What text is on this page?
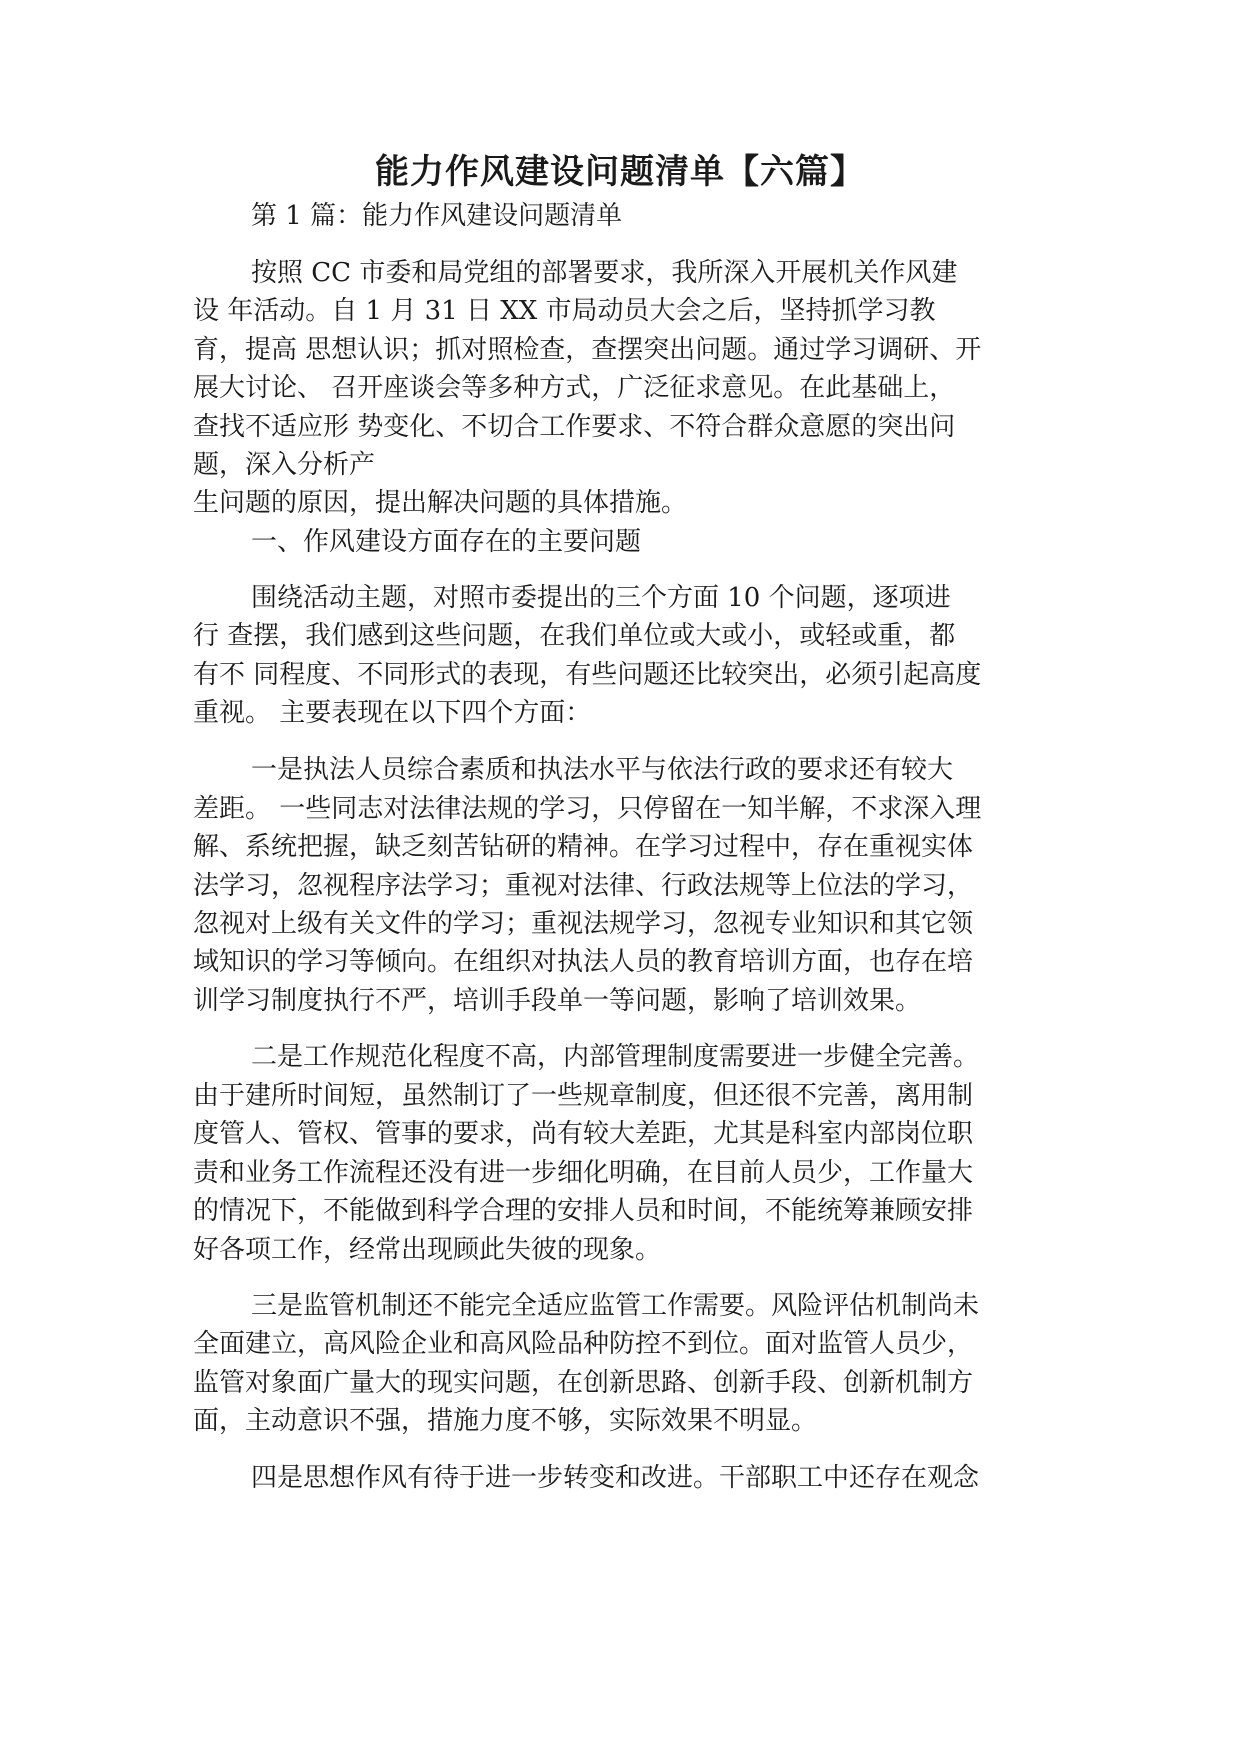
能力作风建设问题清单【六篇】

第 1 篇：能力作风建设问题清单

按照 CC 市委和局党组的部署要求，我所深入开展机关作风建

设 年活动。自 1 月 31 日 XX 市局动员大会之后，坚持抓学习教

育，提高 思想认识；抓对照检查，查摆突出问题。通过学习调研、开

展大讨论、 召开座谈会等多种方式，广泛征求意见。在此基础上，

查找不适应形 势变化、不切合工作要求、不符合群众意愿的突出问

题，深入分析产

生问题的原因，提出解决问题的具体措施。

一、作风建设方面存在的主要问题

围绕活动主题，对照市委提出的三个方面 10 个问题，逐项进

行 查摆，我们感到这些问题，在我们单位或大或小，或轻或重，都

有不 同程度、不同形式的表现，有些问题还比较突出，必须引起高度

重视。 主要表现在以下四个方面：

一是执法人员综合素质和执法水平与依法行政的要求还有较大

差距。 一些同志对法律法规的学习，只停留在一知半解，不求深入理

解、系统把握，缺乏刻苦钻研的精神。在学习过程中，存在重视实体

法学习，忽视程序法学习；重视对法律、行政法规等上位法的学习，

忽视对上级有关文件的学习；重视法规学习，忽视专业知识和其它领

域知识的学习等倾向。在组织对执法人员的教育培训方面，也存在培

训学习制度执行不严，培训手段单一等问题，影响了培训效果。

二是工作规范化程度不高，内部管理制度需要进一步健全完善。

由于建所时间短，虽然制订了一些规章制度，但还很不完善，离用制

度管人、管权、管事的要求，尚有较大差距，尤其是科室内部岗位职

责和业务工作流程还没有进一步细化明确，在目前人员少，工作量大

的情况下，不能做到科学合理的安排人员和时间，不能统筹兼顾安排

好各项工作，经常出现顾此失彼的现象。

三是监管机制还不能完全适应监管工作需要。风险评估机制尚未

全面建立，高风险企业和高风险品种防控不到位。面对监管人员少，

监管对象面广量大的现实问题，在创新思路、创新手段、创新机制方

面，主动意识不强，措施力度不够，实际效果不明显。

四是思想作风有待于进一步转变和改进。干部职工中还存在观念
